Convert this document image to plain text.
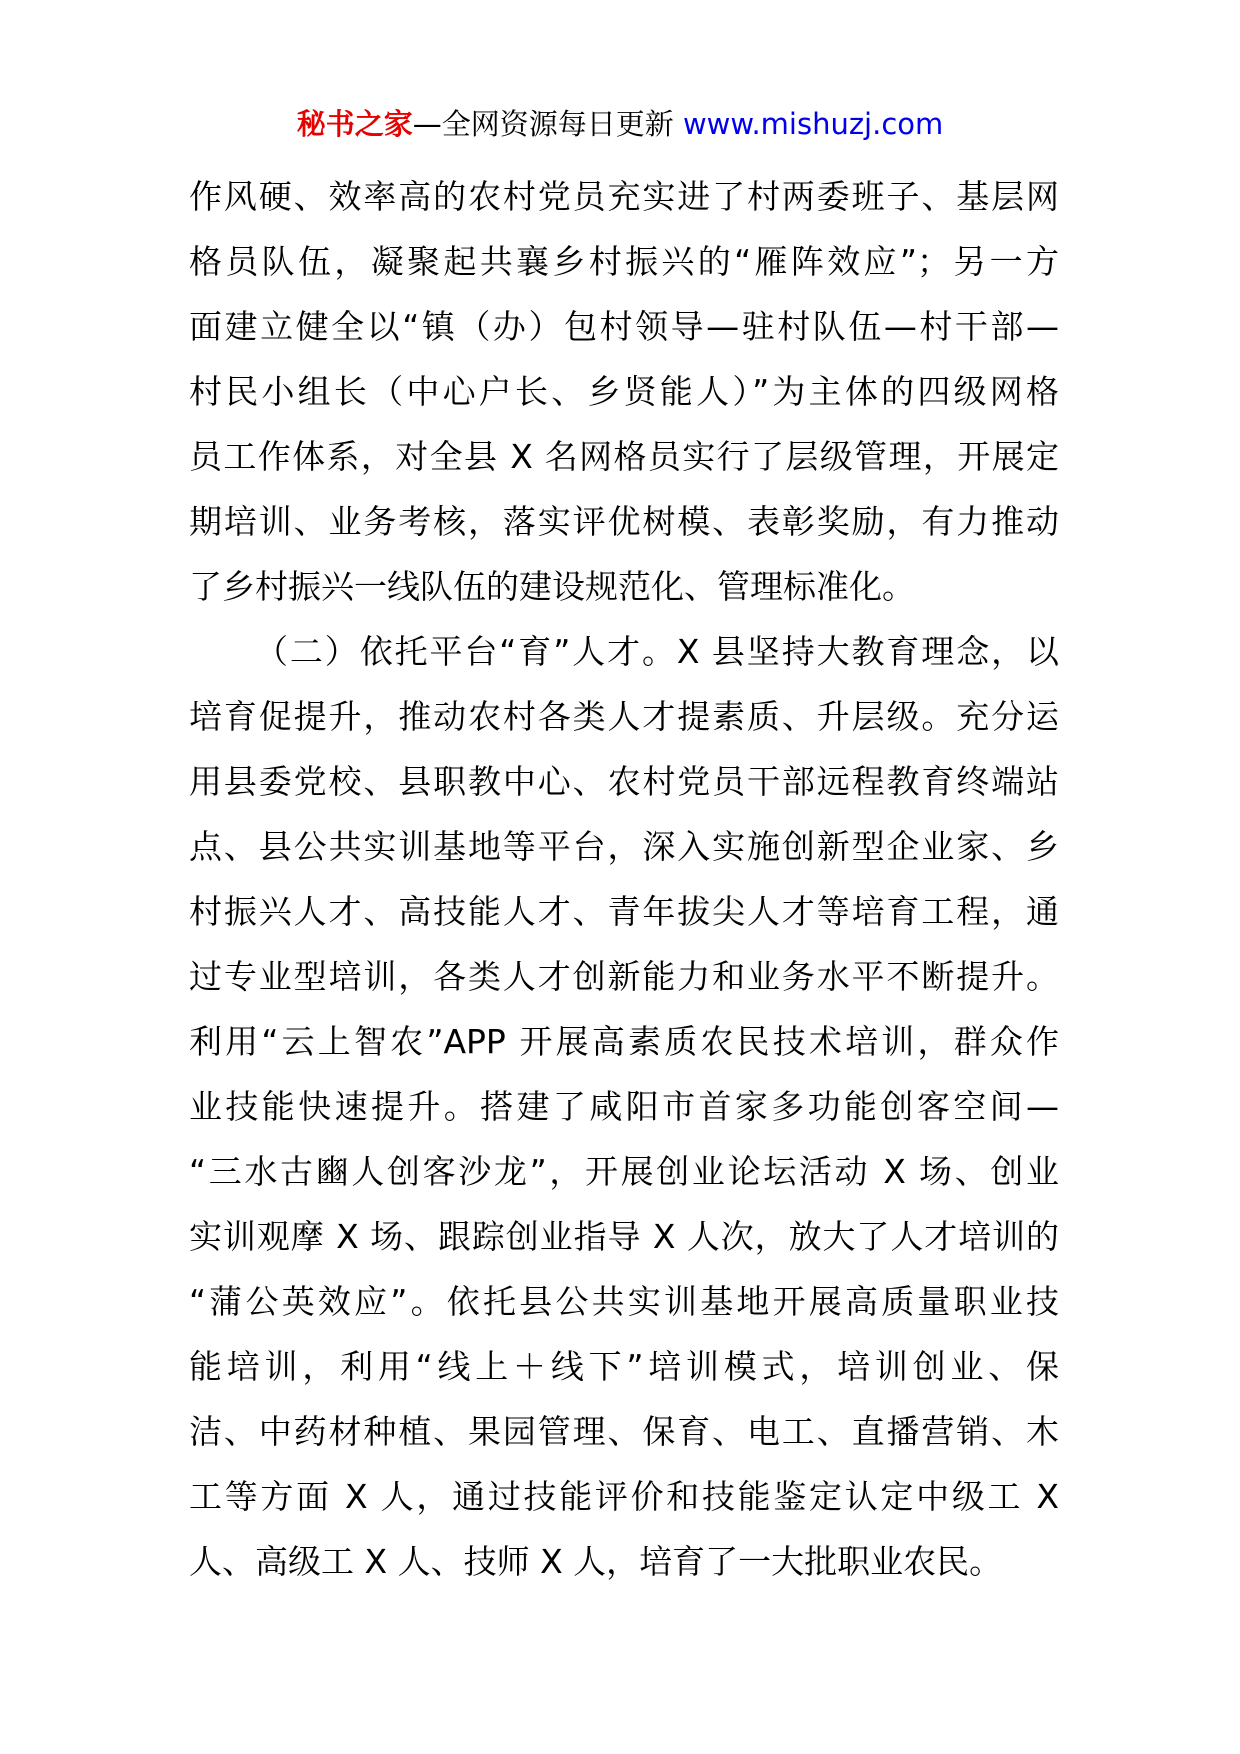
秘书之家—全网资源每日更新 www.mishuzj.com
作风硬、效率高的农村党员充实进了村两委班子、基层网
格员队伍，凝聚起共襄乡村振兴的“雁阵效应”；另一方
面建立健全以“镇（办）包村领导—驻村队伍—村干部—
村民小组长（中心户长、乡贤能人）”为主体的四级网格
员工作体系，对全县 X 名网格员实行了层级管理，开展定
期培训、业务考核，落实评优树模、表彰奖励，有力推动
了乡村振兴一线队伍的建设规范化、管理标准化。
（二）依托平台“育”人才。X 县坚持大教育理念，以
培育促提升，推动农村各类人才提素质、升层级。充分运
用县委党校、县职教中心、农村党员干部远程教育终端站
点、县公共实训基地等平台，深入实施创新型企业家、乡
村振兴人才、高技能人才、青年拔尖人才等培育工程，通
过专业型培训，各类人才创新能力和业务水平不断提升。
利用“云上智农”APP 开展高素质农民技术培训，群众作
业技能快速提升。搭建了咸阳市首家多功能创客空间—
“三水古豳人创客沙龙”，开展创业论坛活动 X 场、创业
实训观摩 X 场、跟踪创业指导 X 人次，放大了人才培训的
“蒲公英效应”。依托县公共实训基地开展高质量职业技
能培训，利用“线上＋线下”培训模式，培训创业、保
洁、中药材种植、果园管理、保育、电工、直播营销、木
工等方面 X 人，通过技能评价和技能鉴定认定中级工 X
人、高级工 X 人、技师 X 人，培育了一大批职业农民。
